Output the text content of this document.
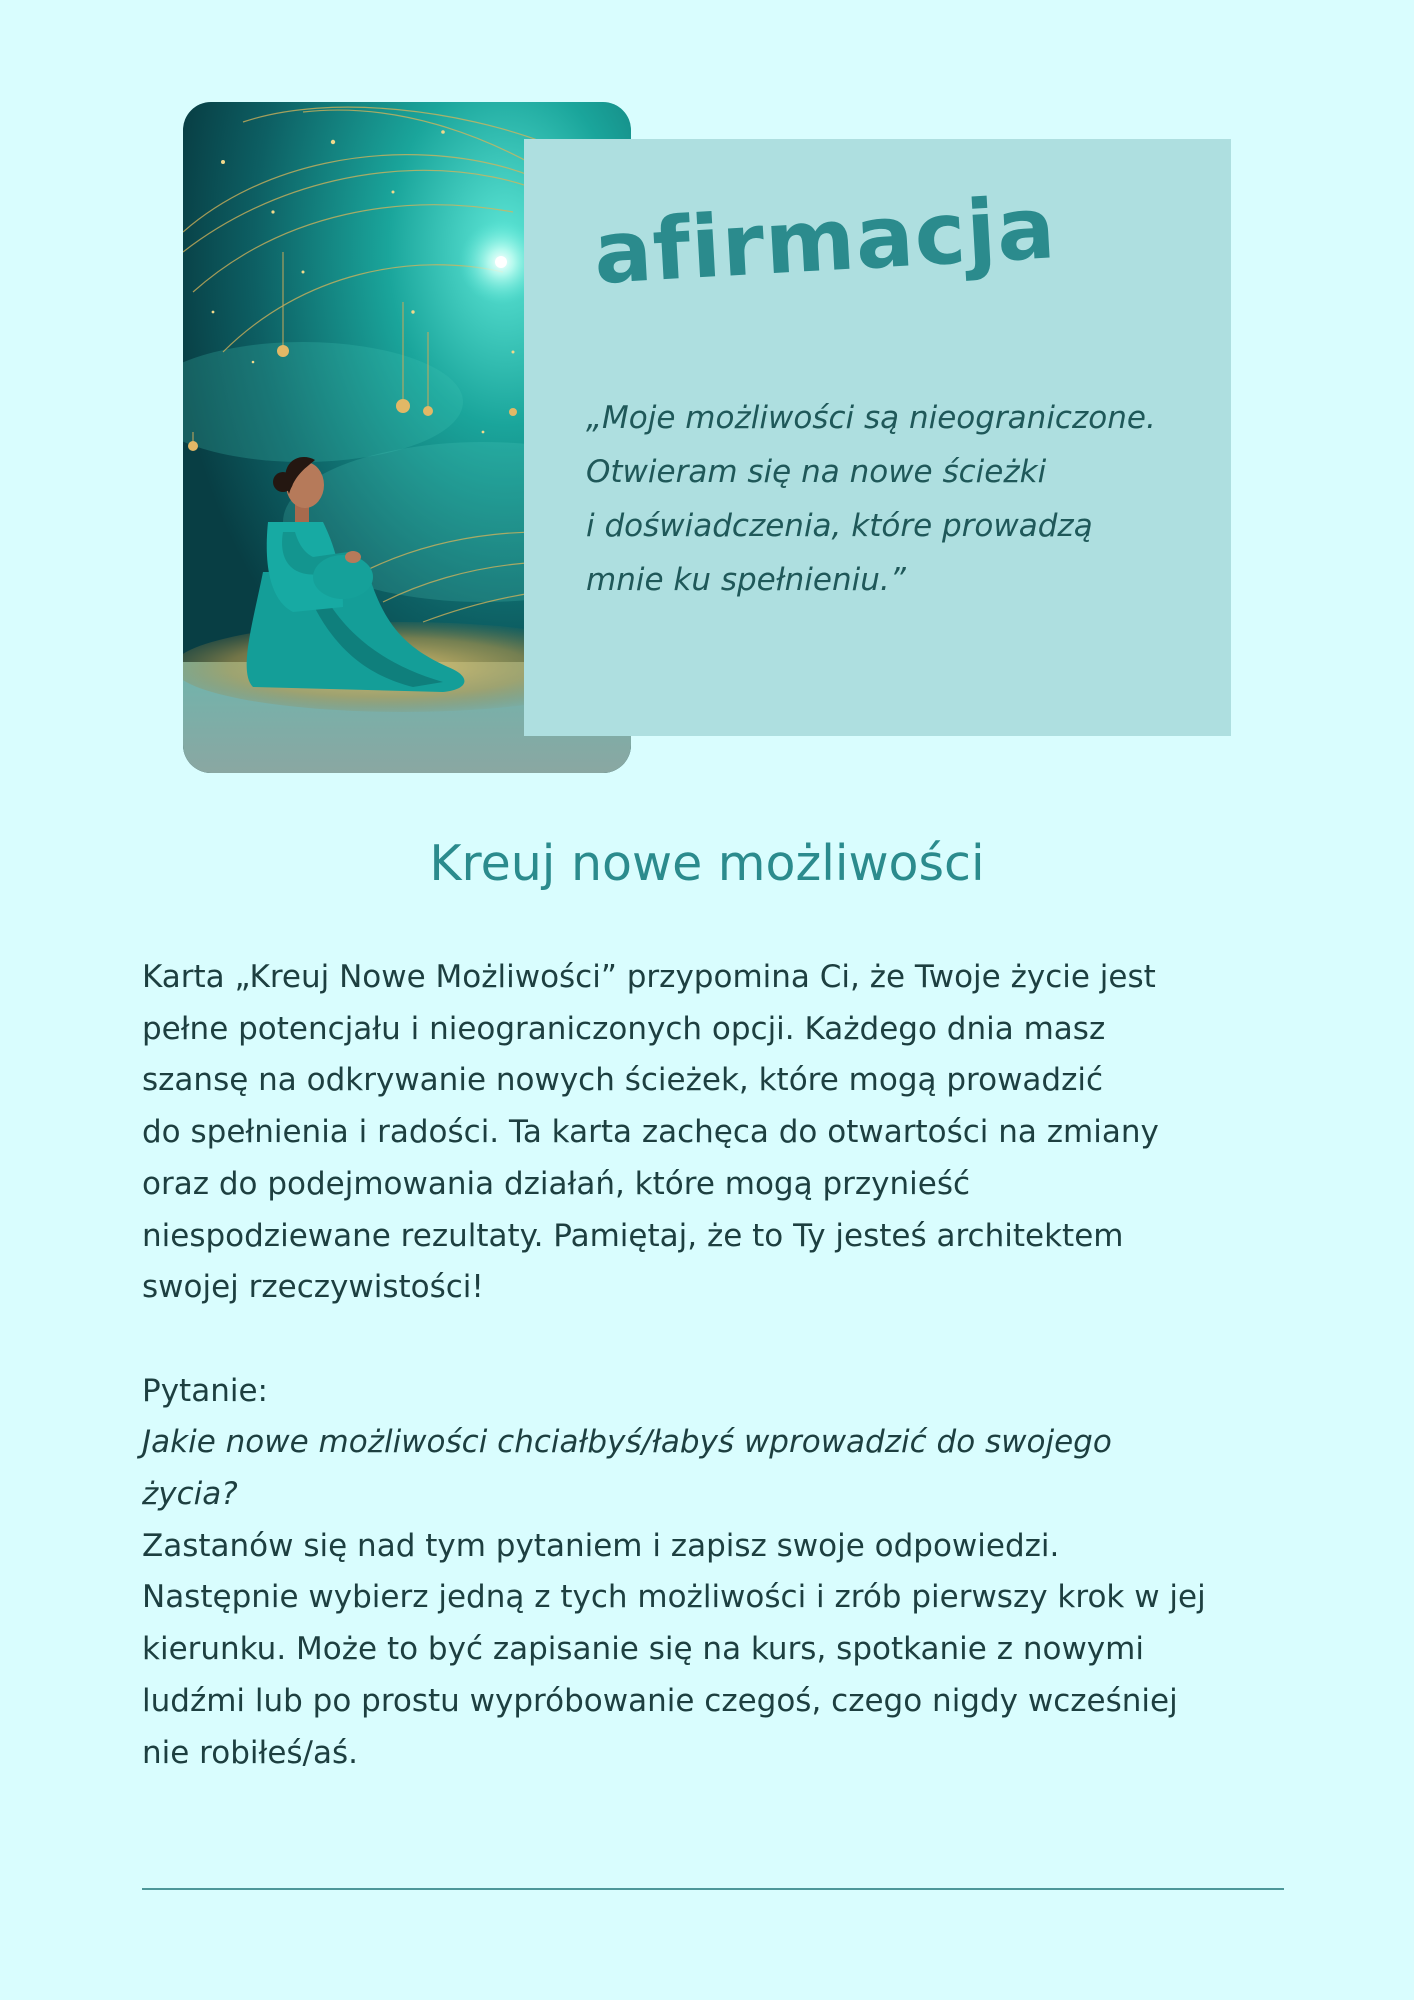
afirmacja

„Moje możliwości są nieograniczone.
Otwieram się na nowe ścieżki
i doświadczenia, które prowadzą
mnie ku spełnieniu.”

Kreuj nowe możliwości

Karta „Kreuj Nowe Możliwości” przypomina Ci, że Twoje życie jest
pełne potencjału i nieograniczonych opcji. Każdego dnia masz
szansę na odkrywanie nowych ścieżek, które mogą prowadzić
do spełnienia i radości. Ta karta zachęca do otwartości na zmiany
oraz do podejmowania działań, które mogą przynieść
niespodziewane rezultaty. Pamiętaj, że to Ty jesteś architektem
swojej rzeczywistości!

Pytanie:

Jakie nowe możliwości chciałbyś/łabyś wprowadzić do swojego
życia?

Zastanów się nad tym pytaniem i zapisz swoje odpowiedzi.
Następnie wybierz jedną z tych możliwości i zrób pierwszy krok w jej
kierunku. Może to być zapisanie się na kurs, spotkanie z nowymi
ludźmi lub po prostu wypróbowanie czegoś, czego nigdy wcześniej
nie robiłeś/aś.
